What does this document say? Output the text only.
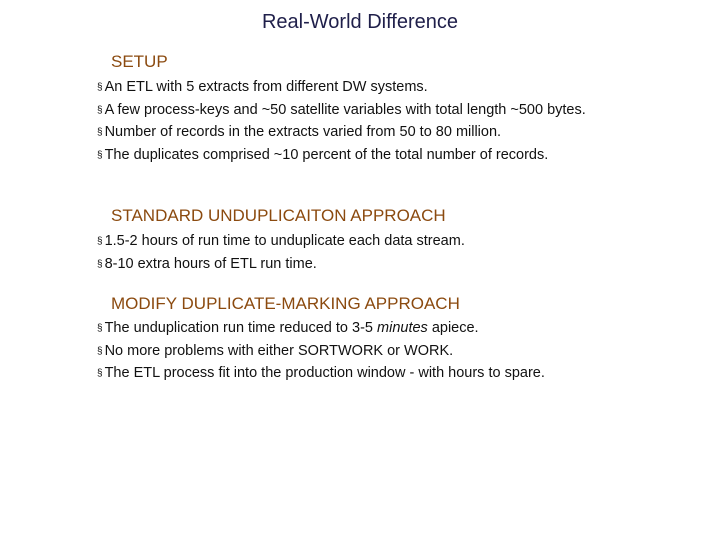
Real-World Difference
SETUP
§ An ETL with 5 extracts from different DW systems.
§ A few process-keys and ~50 satellite variables with total length ~500 bytes.
§ Number of records in the extracts varied from 50 to 80 million.
§ The duplicates comprised ~10 percent of the total number of records.
STANDARD UNDUPLICAITON APPROACH
§ 1.5-2 hours of run time to unduplicate each data stream.
§ 8-10 extra hours of ETL run time.
MODIFY DUPLICATE-MARKING APPROACH
§ The unduplication run time reduced to 3-5 minutes apiece.
§ No more problems with either SORTWORK or WORK.
§ The ETL process fit into the production window - with hours to spare.
